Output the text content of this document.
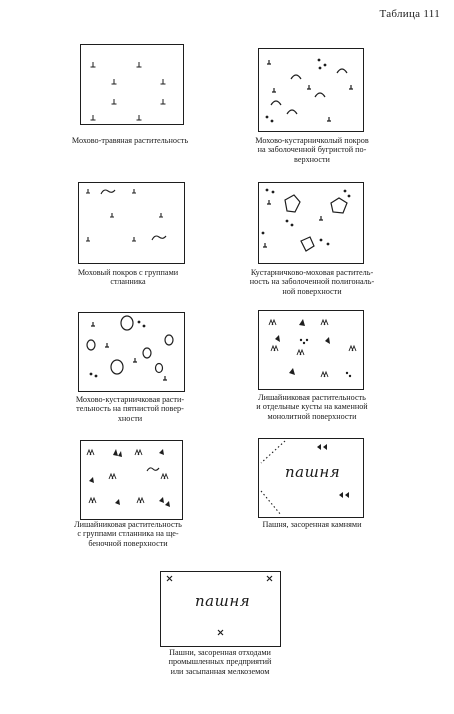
Таблица 111
Мохово-травяная растительность	Мохово-кустарничколый покров
на заболоченной бугристой по-
верхности
Моховый покров с группами
стланника
Кустарничково-моховая раститель-
ность на заболоченной полигональ-
ной поверхности
Мохово-кустарничковая расти-
тельность на пятнистой повер-
хности
Лишайниковая растительность
и отдельные кусты на каменной
монолитной поверхности
Лишайниковая растительность
с группами стланника на ще-
беночной поверхности
пашня
Пашня, засоренная камнями
пашня
Пашни, засоренная отходами
промышленных предприятий
или засыпанная мелкоземом
